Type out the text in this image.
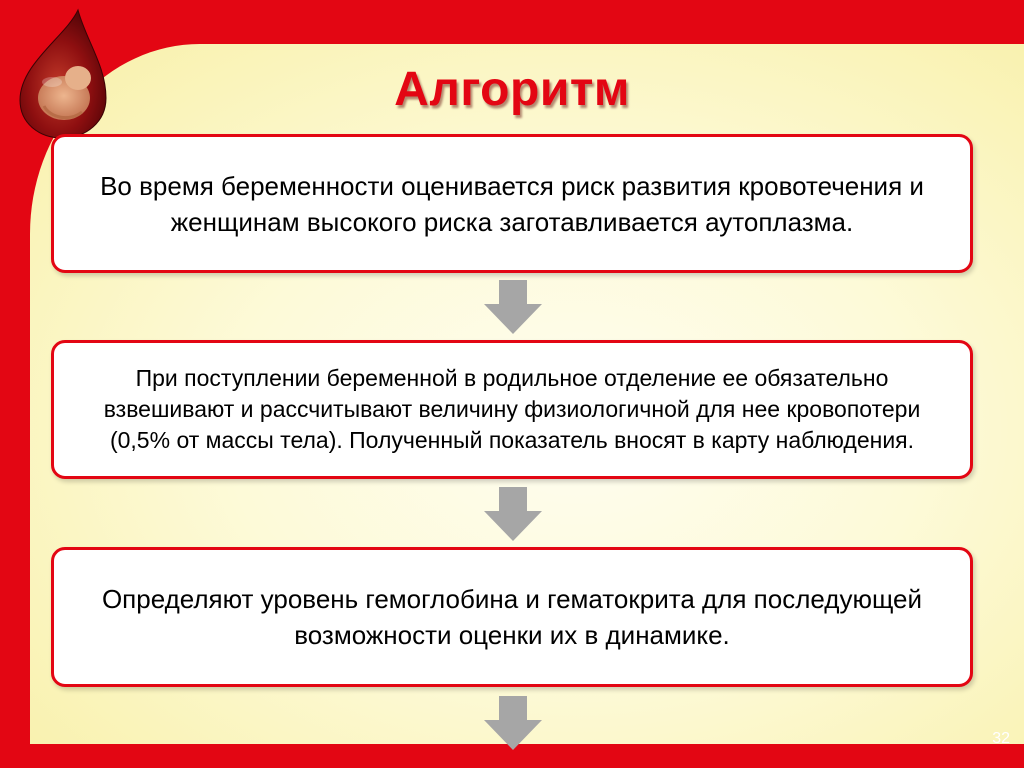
Алгоритм

Во время беременности оценивается риск развития кровотечения и женщинам высокого риска заготавливается аутоплазма.

При поступлении беременной в родильное отделение ее обязательно взвешивают и рассчитывают величину физиологичной для нее кровопотери (0,5% от массы тела). Полученный показатель вносят в карту наблюдения.

Определяют уровень гемоглобина и гематокрита для последующей возможности оценки их в динамике.

32
